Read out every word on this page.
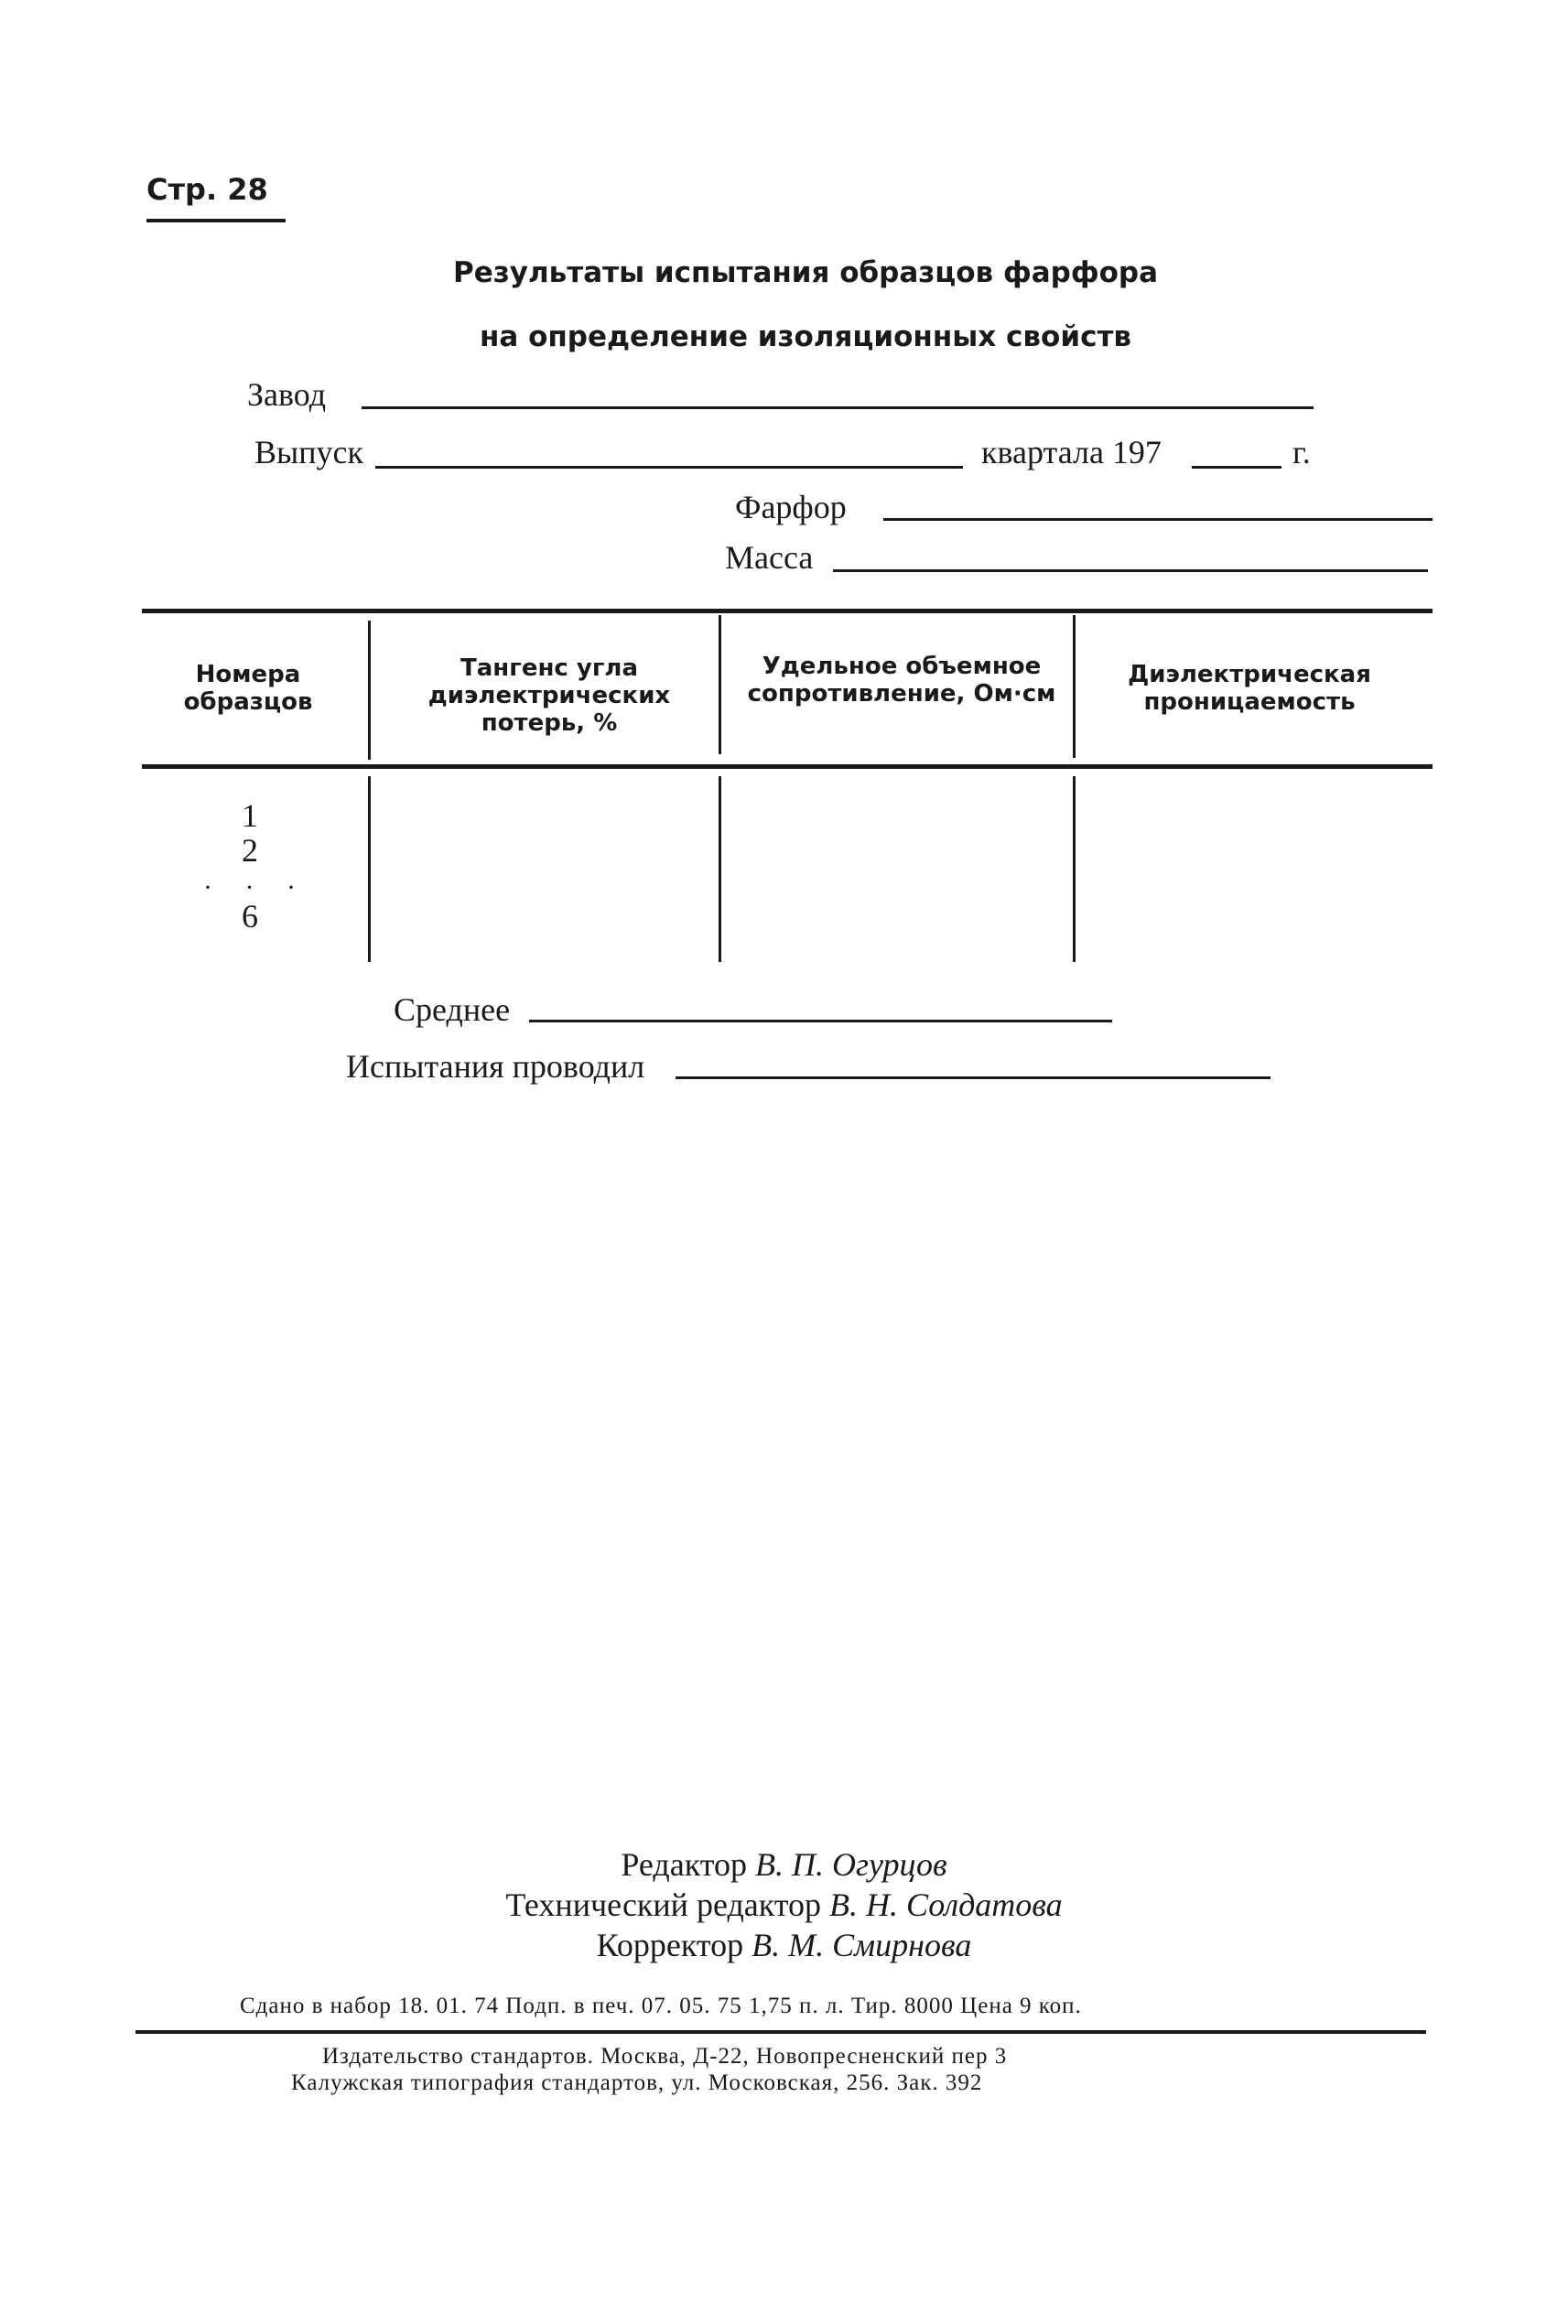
Стр. 28
Результаты испытания образцов фарфора
на определение изоляционных свойств
Завод
Выпуск	квартала 197	г.
Фарфор
Масса
Номера образцов
Тангенс угла диэлектрических потерь, %
Удельное объемное сопротивление, Ом·см
Диэлектрическая проницаемость
1
2
· · ·
6
Среднее
Испытания проводил
Редактор В. П. Огурцов
Технический редактор В. Н. Солдатова
Корректор В. М. Смирнова
Сдано в набор 18. 01. 74 Подп. в печ. 07. 05. 75 1,75 п. л. Тир. 8000 Цена 9 коп.
Издательство стандартов. Москва, Д-22, Новопресненский пер 3
Калужская типография стандартов, ул. Московская, 256. Зак. 392
